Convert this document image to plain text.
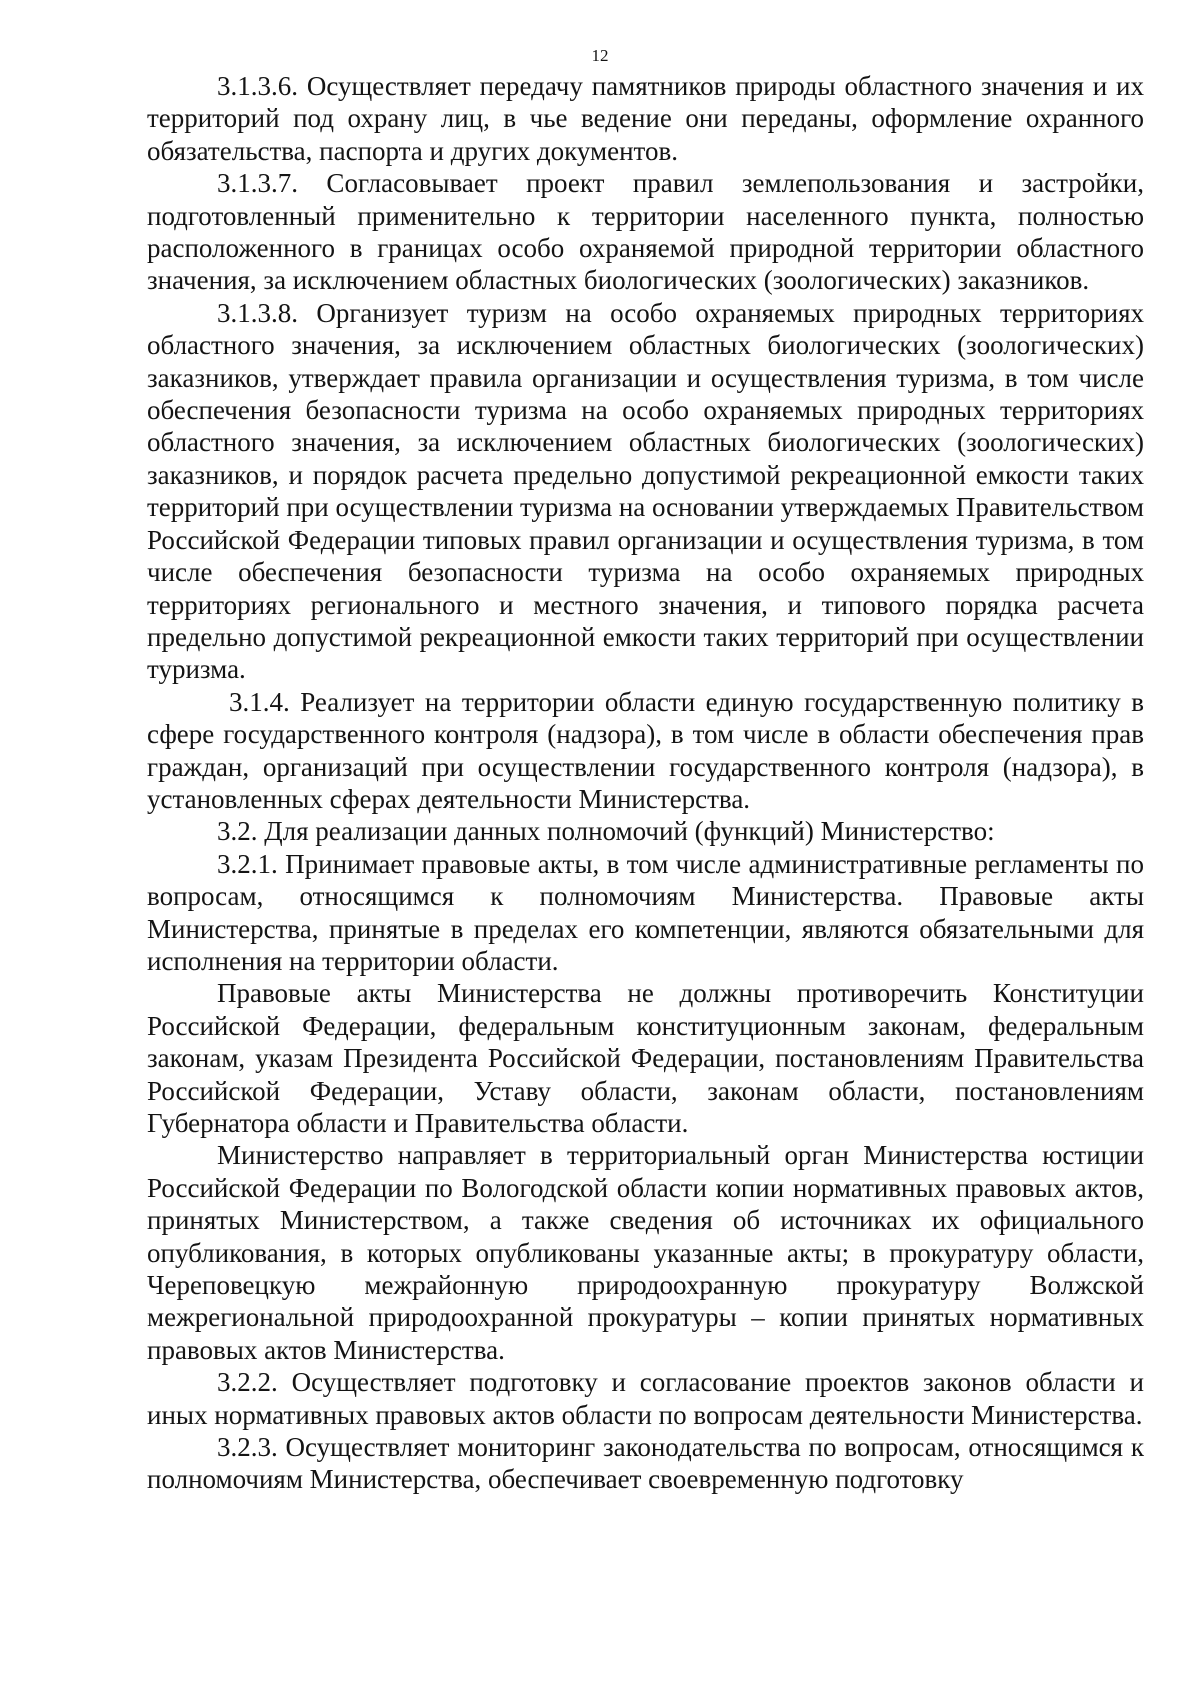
12

3.1.3.6. Осуществляет передачу памятников природы областного значения и их территорий под охрану лиц, в чье ведение они переданы, оформление охранного обязательства, паспорта и других документов.

3.1.3.7. Согласовывает проект правил землепользования и застройки, подготовленный применительно к территории населенного пункта, полностью расположенного в границах особо охраняемой природной территории областного значения, за исключением областных биологических (зоологических) заказников.

3.1.3.8. Организует туризм на особо охраняемых природных территориях областного значения, за исключением областных биологических (зоологических) заказников, утверждает правила организации и осуществления туризма, в том числе обеспечения безопасности туризма на особо охраняемых природных территориях областного значения, за исключением областных биологических (зоологических) заказников, и порядок расчета предельно допустимой рекреационной емкости таких территорий при осуществлении туризма на основании утверждаемых Правительством Российской Федерации типовых правил организации и осуществления туризма, в том числе обеспечения безопасности туризма на особо охраняемых природных территориях регионального и местного значения, и типового порядка расчета предельно допустимой рекреационной емкости таких территорий при осуществлении туризма.

3.1.4. Реализует на территории области единую государственную политику в сфере государственного контроля (надзора), в том числе в области обеспечения прав граждан, организаций при осуществлении государственного контроля (надзора), в установленных сферах деятельности Министерства.

3.2. Для реализации данных полномочий (функций) Министерство:

3.2.1. Принимает правовые акты, в том числе административные регламенты по вопросам, относящимся к полномочиям Министерства. Правовые акты Министерства, принятые в пределах его компетенции, являются обязательными для исполнения на территории области.

Правовые акты Министерства не должны противоречить Конституции Российской Федерации, федеральным конституционным законам, федеральным законам, указам Президента Российской Федерации, постановлениям Правительства Российской Федерации, Уставу области, законам области, постановлениям Губернатора области и Правительства области.

Министерство направляет в территориальный орган Министерства юстиции Российской Федерации по Вологодской области копии нормативных правовых актов, принятых Министерством, а также сведения об источниках их официального опубликования, в которых опубликованы указанные акты; в прокуратуру области, Череповецкую межрайонную природоохранную прокуратуру Волжской межрегиональной природоохранной прокуратуры – копии принятых нормативных правовых актов Министерства.

3.2.2. Осуществляет подготовку и согласование проектов законов области и иных нормативных правовых актов области по вопросам деятельности Министерства.

3.2.3. Осуществляет мониторинг законодательства по вопросам, относящимся к полномочиям Министерства, обеспечивает своевременную подготовку
